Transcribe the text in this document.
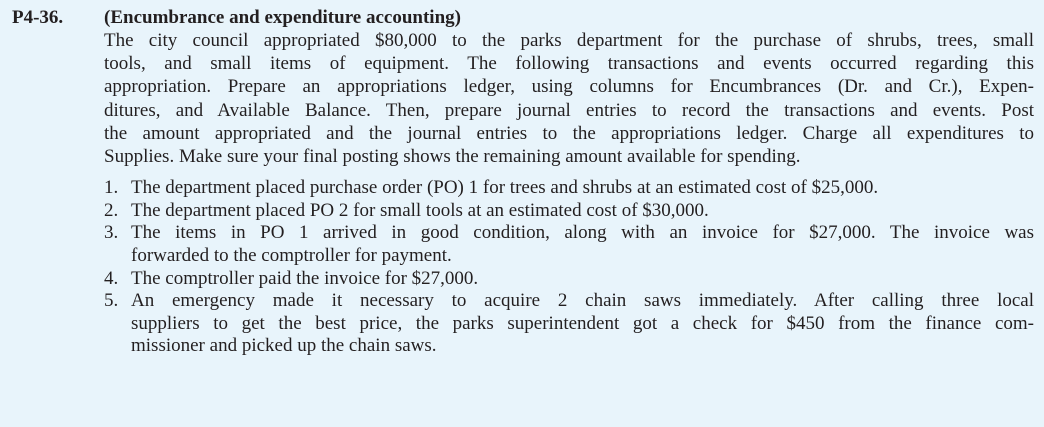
P4-36. (Encumbrance and expenditure accounting)
The city council appropriated $80,000 to the parks department for the purchase of shrubs, trees, small
tools, and small items of equipment. The following transactions and events occurred regarding this
appropriation. Prepare an appropriations ledger, using columns for Encumbrances (Dr. and Cr.), Expen-
ditures, and Available Balance. Then, prepare journal entries to record the transactions and events. Post
the amount appropriated and the journal entries to the appropriations ledger. Charge all expenditures to
Supplies. Make sure your final posting shows the remaining amount available for spending.
1. The department placed purchase order (PO) 1 for trees and shrubs at an estimated cost of $25,000.
2. The department placed PO 2 for small tools at an estimated cost of $30,000.
3. The items in PO 1 arrived in good condition, along with an invoice for $27,000. The invoice was
forwarded to the comptroller for payment.
4. The comptroller paid the invoice for $27,000.
5. An emergency made it necessary to acquire 2 chain saws immediately. After calling three local
suppliers to get the best price, the parks superintendent got a check for $450 from the finance com-
missioner and picked up the chain saws.
